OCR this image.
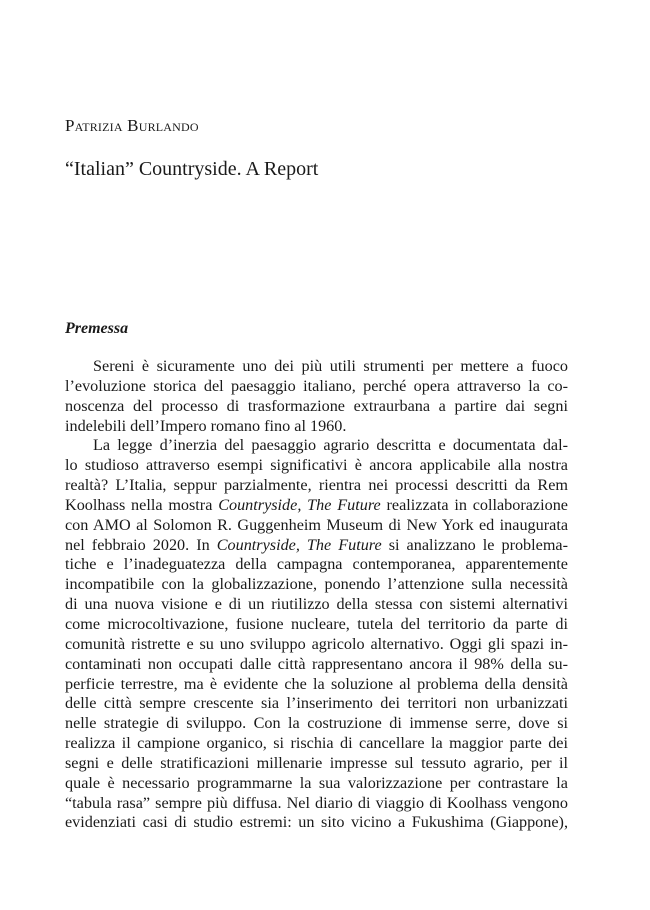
Patrizia Burlando

“Italian” Countryside. A Report
Premessa
Sereni è sicuramente uno dei più utili strumenti per mettere a fuoco
l’evoluzione storica del paesaggio italiano, perché opera attraverso la co-
noscenza del processo di trasformazione extraurbana a partire dai segni
indelebili dell’Impero romano fino al 1960.
La legge d’inerzia del paesaggio agrario descritta e documentata dal-
lo studioso attraverso esempi significativi è ancora applicabile alla nostra
realtà? L’Italia, seppur parzialmente, rientra nei processi descritti da Rem
Koolhass nella mostra Countryside, The Future realizzata in collaborazione
con AMO al Solomon R. Guggenheim Museum di New York ed inaugurata
nel febbraio 2020. In Countryside, The Future si analizzano le problema-
tiche e l’inadeguatezza della campagna contemporanea, apparentemente
incompatibile con la globalizzazione, ponendo l’attenzione sulla necessità
di una nuova visione e di un riutilizzo della stessa con sistemi alternativi
come microcoltivazione, fusione nucleare, tutela del territorio da parte di
comunità ristrette e su uno sviluppo agricolo alternativo. Oggi gli spazi in-
contaminati non occupati dalle città rappresentano ancora il 98% della su-
perficie terrestre, ma è evidente che la soluzione al problema della densità
delle città sempre crescente sia l’inserimento dei territori non urbanizzati
nelle strategie di sviluppo. Con la costruzione di immense serre, dove si
realizza il campione organico, si rischia di cancellare la maggior parte dei
segni e delle stratificazioni millenarie impresse sul tessuto agrario, per il
quale è necessario programmarne la sua valorizzazione per contrastare la
“tabula rasa” sempre più diffusa. Nel diario di viaggio di Koolhass vengono
evidenziati casi di studio estremi: un sito vicino a Fukushima (Giappone),
